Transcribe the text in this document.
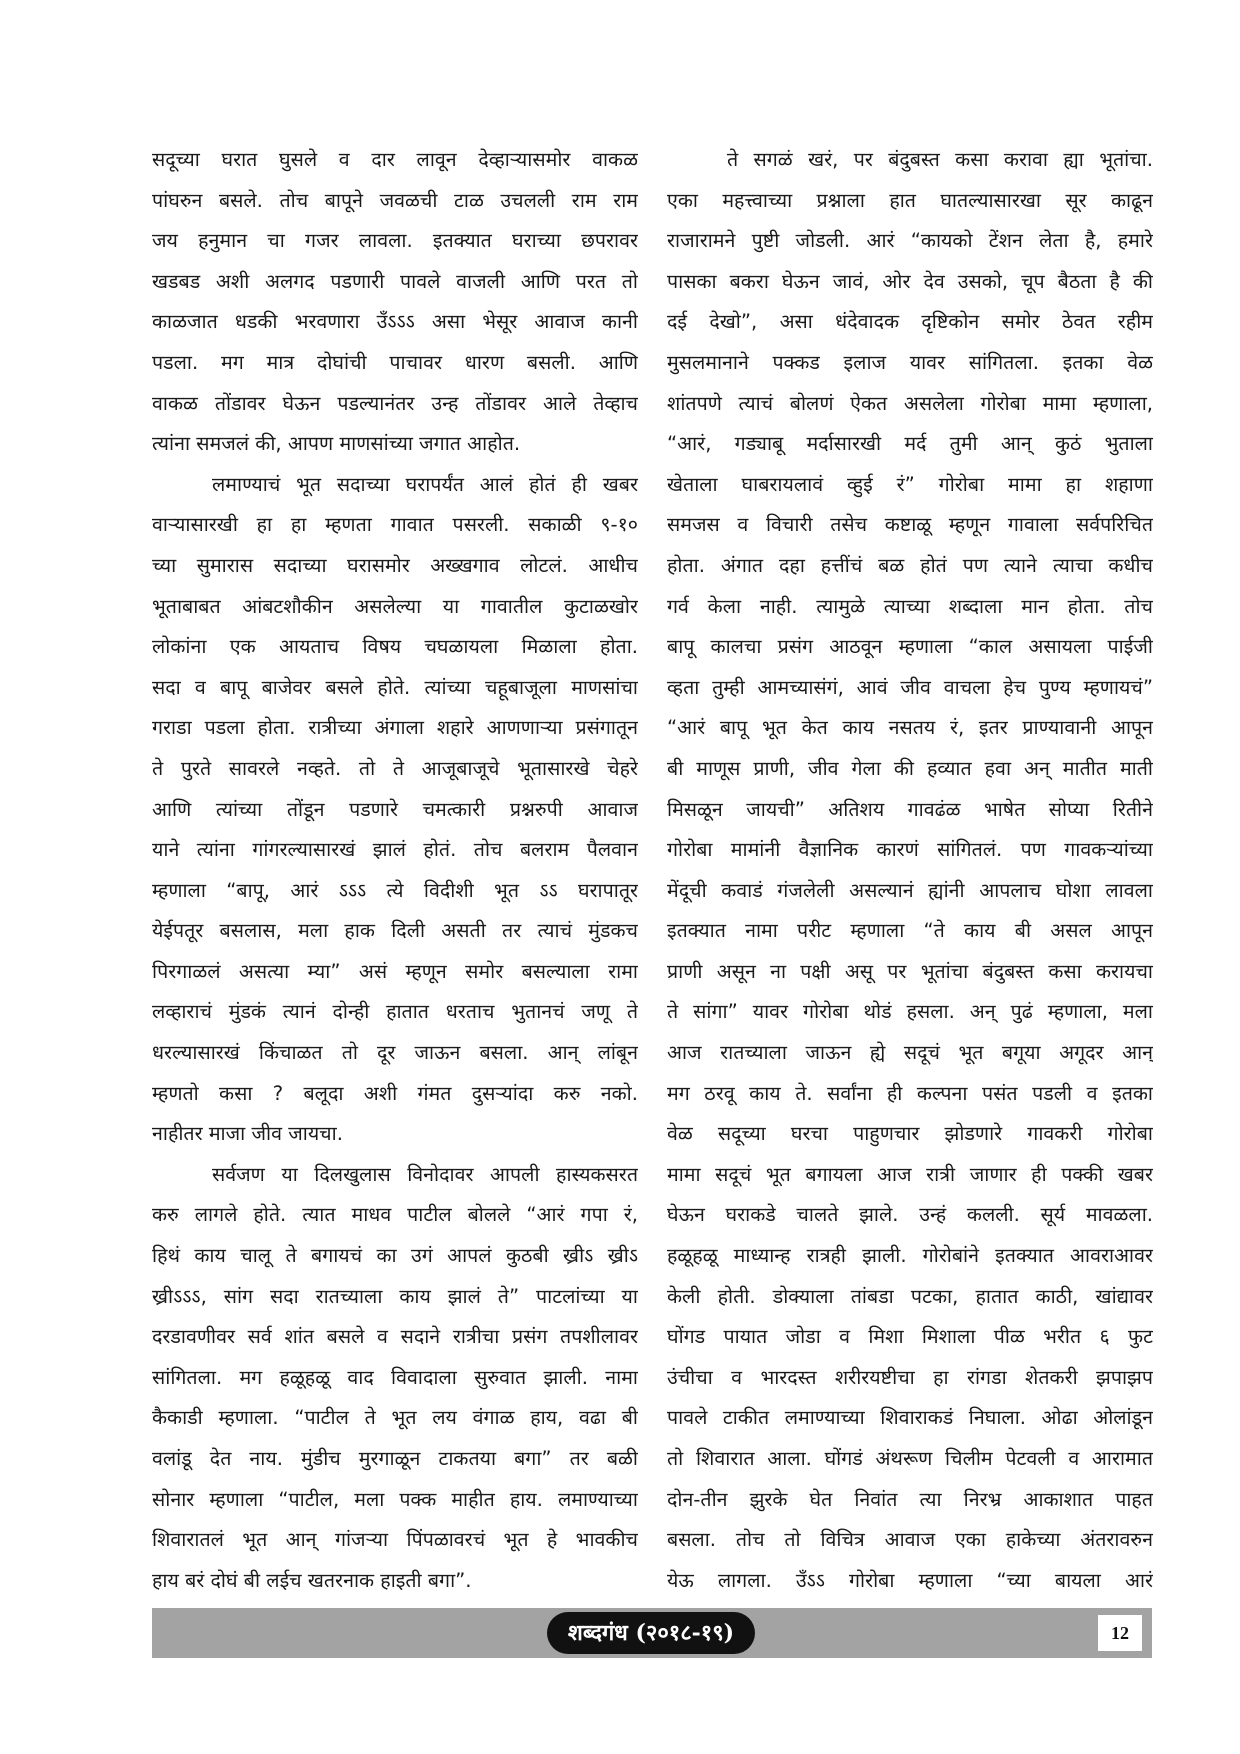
सदूच्या घरात घुसले व दार लावून देव्हाऱ्यासमोर वाकळ
पांघरुन बसले. तोच बापूने जवळची टाळ उचलली राम राम
जय हनुमान चा गजर लावला. इतक्यात घराच्या छपरावर
खडबड अशी अलगद पडणारी पावले वाजली आणि परत तो
काळजात धडकी भरवणारा उँऽऽऽ असा भेसूर आवाज कानी
पडला. मग मात्र दोघांची पाचावर धारण बसली. आणि
वाकळ तोंडावर घेऊन पडल्यानंतर उन्ह तोंडावर आले तेव्हाच
त्यांना समजलं की, आपण माणसांच्या जगात आहोत.
लमाण्याचं भूत सदाच्या घरापर्यंत आलं होतं ही खबर
वाऱ्यासारखी हा हा म्हणता गावात पसरली. सकाळी ९-१०
च्या सुमारास सदाच्या घरासमोर अख्खगाव लोटलं. आधीच
भूताबाबत आंबटशौकीन असलेल्या या गावातील कुटाळखोर
लोकांना एक आयताच विषय चघळायला मिळाला होता.
सदा व बापू बाजेवर बसले होते. त्यांच्या चहूबाजूला माणसांचा
गराडा पडला होता. रात्रीच्या अंगाला शहारे आणणाऱ्या प्रसंगातून
ते पुरते सावरले नव्हते. तो ते आजूबाजूचे भूतासारखे चेहरे
आणि त्यांच्या तोंडून पडणारे चमत्कारी प्रश्नरुपी आवाज
याने त्यांना गांगरल्यासारखं झालं होतं. तोच बलराम पैलवान
म्हणाला “बापू, आरं ऽऽऽ त्ये विदीशी भूत ऽऽ घरापातूर
येईपतूर बसलास, मला हाक दिली असती तर त्याचं मुंडकच
पिरगाळलं असत्या म्या” असं म्हणून समोर बसल्याला रामा
लव्हाराचं मुंडकं त्यानं दोन्ही हातात धरताच भुतानचं जणू ते
धरल्यासारखं किंचाळत तो दूर जाऊन बसला. आन् लांबून
म्हणतो कसा ? बलूदा अशी गंमत दुसऱ्यांदा करु नको.
नाहीतर माजा जीव जायचा.
सर्वजण या दिलखुलास विनोदावर आपली हास्यकसरत
करु लागले होते. त्यात माधव पाटील बोलले “आरं गपा रं,
हिथं काय चालू ते बगायचं का उगं आपलं कुठबी ख्रीऽ ख्रीऽ
ख्रीऽऽऽ, सांग सदा रातच्याला काय झालं ते” पाटलांच्या या
दरडावणीवर सर्व शांत बसले व सदाने रात्रीचा प्रसंग तपशीलावर
सांगितला. मग हळूहळू वाद विवादाला सुरुवात झाली. नामा
कैकाडी म्हणाला. “पाटील ते भूत लय वंगाळ हाय, वढा बी
वलांडू देत नाय. मुंडीच मुरगाळून टाकतया बगा” तर बळी
सोनार म्हणाला “पाटील, मला पक्क माहीत हाय. लमाण्याच्या
शिवारातलं भूत आन् गांजऱ्या पिंपळावरचं भूत हे भावकीच
हाय बरं दोघं बी लईच खतरनाक हाइती बगा”.
ते सगळं खरं, पर बंदुबस्त कसा करावा ह्या भूतांचा.
एका महत्त्वाच्या प्रश्नाला हात घातल्यासारखा सूर काढून
राजारामने पुष्टी जोडली. आरं “कायको टेंशन लेता है, हमारे
पासका बकरा घेऊन जावं, ओर देव उसको, चूप बैठता है की
दई देखो”, असा धंदेवादक दृष्टिकोन समोर ठेवत रहीम
मुसलमानाने पक्कड इलाज यावर सांगितला. इतका वेळ
शांतपणे त्याचं बोलणं ऐकत असलेला गोरोबा मामा म्हणाला,
“आरं, गड्याबू मर्दासारखी मर्द तुमी आन् कुठं भुताला
खेताला घाबरायलावं व्हुई रं” गोरोबा मामा हा शहाणा
समजस व विचारी तसेच कष्टाळू म्हणून गावाला सर्वपरिचित
होता. अंगात दहा हत्तींचं बळ होतं पण त्याने त्याचा कधीच
गर्व केला नाही. त्यामुळे त्याच्या शब्दाला मान होता. तोच
बापू कालचा प्रसंग आठवून म्हणाला “काल असायला पाईजी
व्हता तुम्ही आमच्यासंगं, आवं जीव वाचला हेच पुण्य म्हणायचं”
“आरं बापू भूत केत काय नसतय रं, इतर प्राण्यावानी आपून
बी माणूस प्राणी, जीव गेला की हव्यात हवा अन् मातीत माती
मिसळून जायची” अतिशय गावढंळ भाषेत सोप्या रितीने
गोरोबा मामांनी वैज्ञानिक कारणं सांगितलं. पण गावकऱ्यांच्या
मेंदूची कवाडं गंजलेली असल्यानं ह्यांनी आपलाच घोशा लावला
इतक्यात नामा परीट म्हणाला “ते काय बी असल आपून
प्राणी असून ना पक्षी असू पर भूतांचा बंदुबस्त कसा करायचा
ते सांगा” यावर गोरोबा थोडं हसला. अन् पुढं म्हणाला, मला
आज रातच्याला जाऊन ह्ये सदूचं भूत बगूया अगूदर आन्
मग ठरवू काय ते. सर्वांना ही कल्पना पसंत पडली व इतका
वेळ सदूच्या घरचा पाहुणचार झोडणारे गावकरी गोरोबा
मामा सदूचं भूत बगायला आज रात्री जाणार ही पक्की खबर
घेऊन घराकडे चालते झाले. उन्हं कलली. सूर्य मावळला.
हळूहळू माध्यान्ह रात्रही झाली. गोरोबांने इतक्यात आवराआवर
केली होती. डोक्याला तांबडा पटका, हातात काठी, खांद्यावर
घोंगड पायात जोडा व मिशा मिशाला पीळ भरीत ६ फुट
उंचीचा व भारदस्त शरीरयष्टीचा हा रांगडा शेतकरी झपाझप
पावले टाकीत लमाण्याच्या शिवाराकडं निघाला. ओढा ओलांडून
तो शिवारात आला. घोंगडं अंथरूण चिलीम पेटवली व आरामात
दोन-तीन झुरके घेत निवांत त्या निरभ्र आकाशात पाहत
बसला. तोच तो विचित्र आवाज एका हाकेच्या अंतरावरुन
येऊ लागला. उँऽऽ गोरोबा म्हणाला “च्या बायला आरं
शब्दगंध (२०१८-१९)	12
